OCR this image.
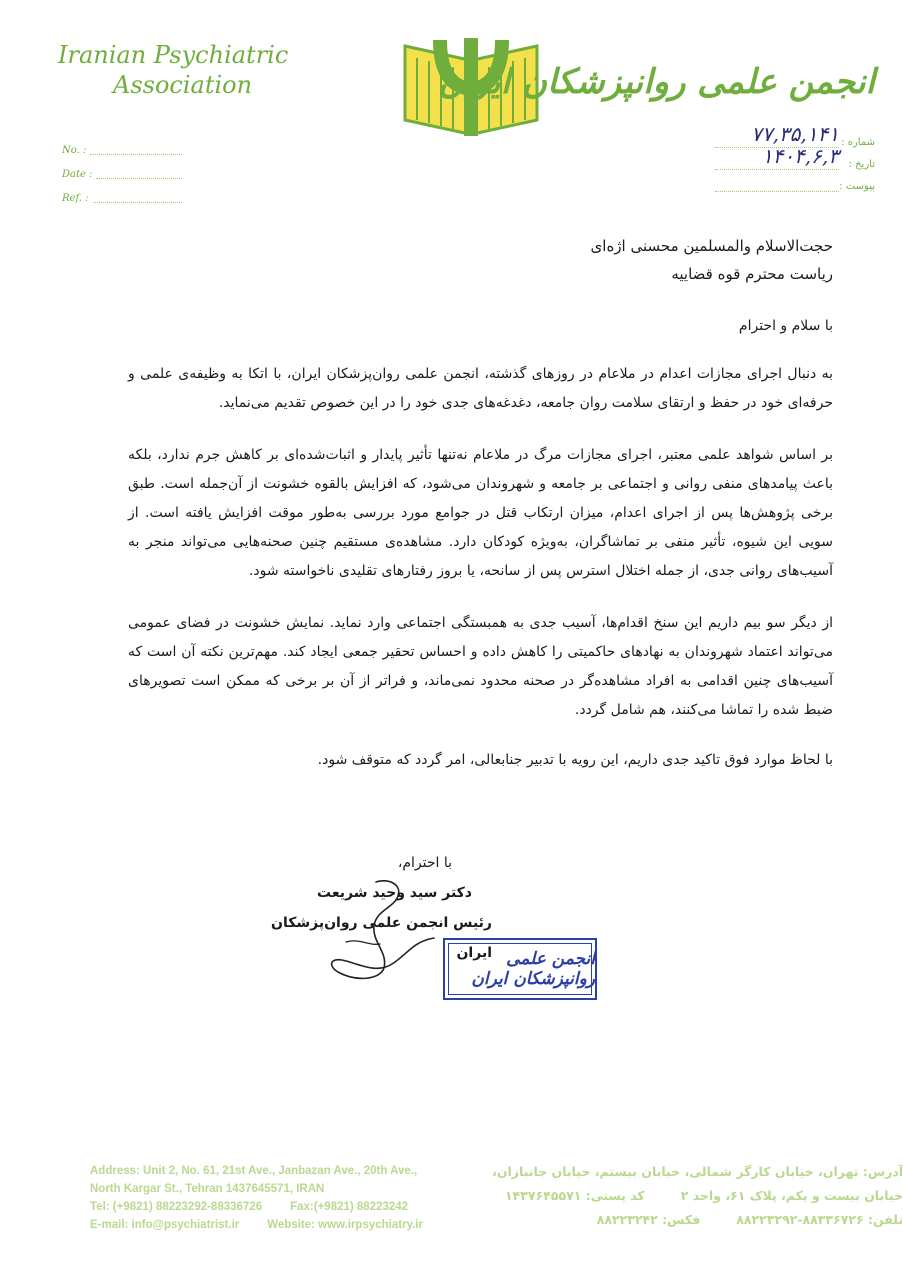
Iranian Psychiatric
Association	انجمن علمی روانپزشکان ایران
No. :
Date :
Ref. :
شماره :
۷۷,۳۵,۱۴۱
تاریخ :
۱۴۰۴,۶,۳
پیوست :
حجت‌الاسلام والمسلمین محسنی اژه‌ای
ریاست محترم قوه قضاییه
با سلام و احترام

به دنبال اجرای مجازات اعدام در ملاعام در روزهای گذشته، انجمن علمی روان‌پزشکان ایران، با اتکا به وظیفه‌ی علمی و حرفه‌ای خود در حفظ و ارتقای سلامت روان جامعه، دغدغه‌های جدی خود را در این خصوص تقدیم می‌نماید.

بر اساس شواهد علمی معتبر، اجرای مجازات مرگ در ملاعام نه‌تنها تأثیر پایدار و اثبات‌شده‌ای بر کاهش جرم ندارد، بلکه باعث پیامدهای منفی روانی و اجتماعی بر جامعه و شهروندان می‌شود، که افزایش بالقوه خشونت از آن‌جمله است. طبق برخی پژوهش‌ها پس از اجرای اعدام، میزان ارتکاب قتل در جوامع مورد بررسی به‌طور موقت افزایش یافته است. از سویی این شیوه، تأثیر منفی بر تماشاگران، به‌ویژه کودکان دارد. مشاهده‌ی مستقیم چنین صحنه‌هایی می‌تواند منجر به آسیب‌های روانی جدی، از جمله اختلال استرس پس از سانحه، یا بروز رفتارهای تقلیدی ناخواسته شود.

از دیگر سو بیم داریم این سنخ اقدام‌ها، آسیب جدی به همبستگی اجتماعی وارد نماید. نمایش خشونت در فضای عمومی می‌تواند اعتماد شهروندان به نهادهای حاکمیتی را کاهش داده و احساس تحقیر جمعی ایجاد کند. مهم‌ترین نکته آن است که آسیب‌های چنین اقدامی به افراد مشاهده‌گر در صحنه محدود نمی‌ماند، و فراتر از آن بر برخی که ممکن است تصویرهای ضبط شده را تماشا می‌کنند، هم شامل گردد.

با لحاظ موارد فوق تاکید جدی داریم، این رویه با تدبیر جنابعالی، امر گردد که متوقف شود.

با احترام،
دکتر سید وحید شریعت
رئیس انجمن علمی روان‌پزشکان ایران انجمن علمی روانپزشکان ایران
Address: Unit 2, No. 61, 21st Ave., Janbazan Ave., 20th Ave.,
North Kargar St., Tehran 1437645571, IRAN
Tel: (+9821) 88223292-88336726 Fax:(+9821) 88223242
E-mail: info@psychiatrist.ir Website: www.irpsychiatry.ir
آدرس: تهران، خیابان کارگر شمالی، خیابان بیستم، خیابان جانبازان،
خیابان بیست و یکم، پلاک ۶۱، واحد ۲کد پستی: ۱۴۳۷۶۴۵۵۷۱
تلفن: ۸۸۳۳۶۷۲۶-۸۸۲۲۳۲۹۲فکس: ۸۸۲۲۳۲۴۲
